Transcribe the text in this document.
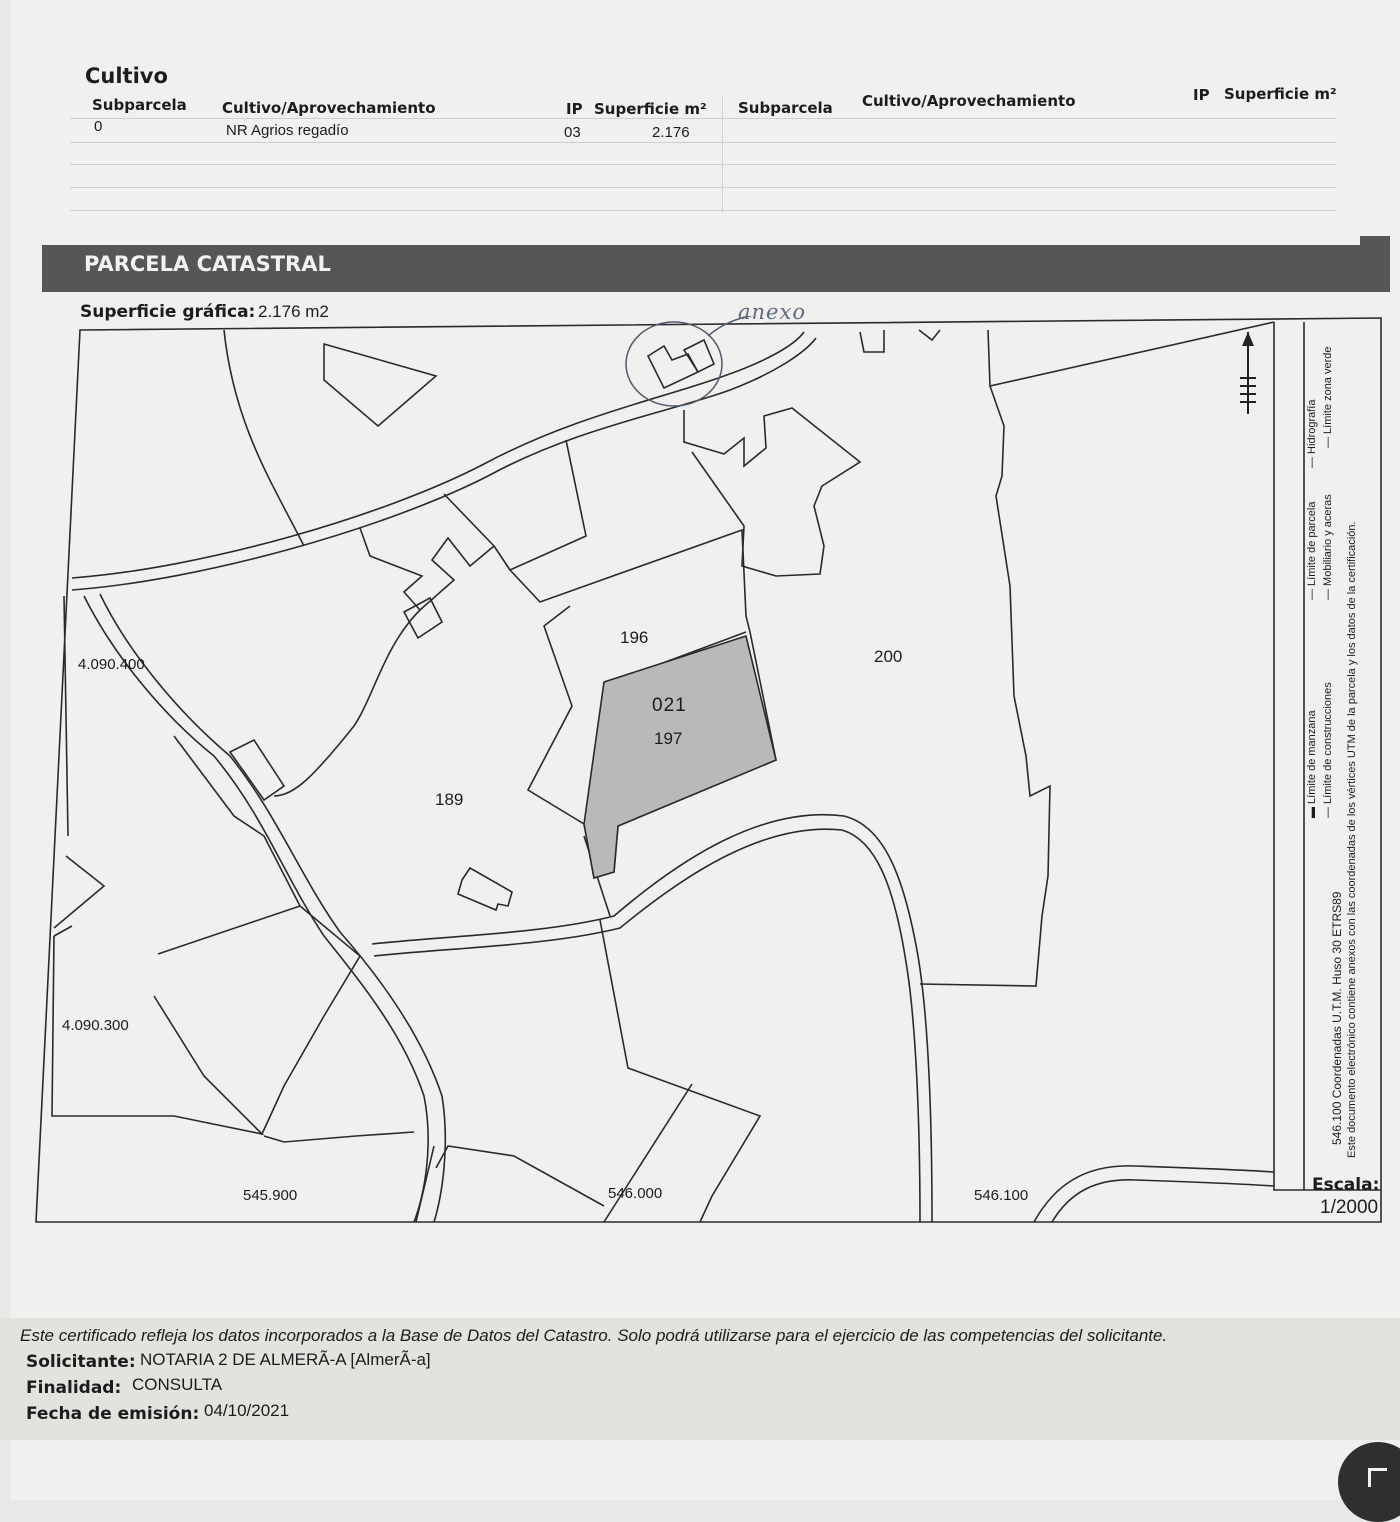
Cultivo
Subparcela Cultivo/Aprovechamiento	IP Superficie m² Subparcela Cultivo/Aprovechamiento	IP Superficie m²
0	NR Agrios regadío	03	2.176
PARCELA CATASTRAL
Superficie gráfica: 2.176 m2	anexo
196
200
021
197
189
4.090.400
4.090.300
545.900	546.000	546.100
546.100 Coordenadas U.T.M. Huso 30 ETRS89 Este documento electrónico contiene anexos con las coordenadas de los vértices UTM de la parcela y los datos de la certificación.
▬ Límite de manzana
— Límite de parcela
— Hidrografía
— Límite de construcciones
— Mobiliario y aceras
— Límite zona verde
Escala:
1/2000
Este certificado refleja los datos incorporados a la Base de Datos del Catastro. Solo podrá utilizarse para el ejercicio de las competencias del solicitante.
Solicitante: NOTARIA 2 DE ALMERÃ-A [AlmerÃ-a]
Finalidad: CONSULTA
Fecha de emisión: 04/10/2021
